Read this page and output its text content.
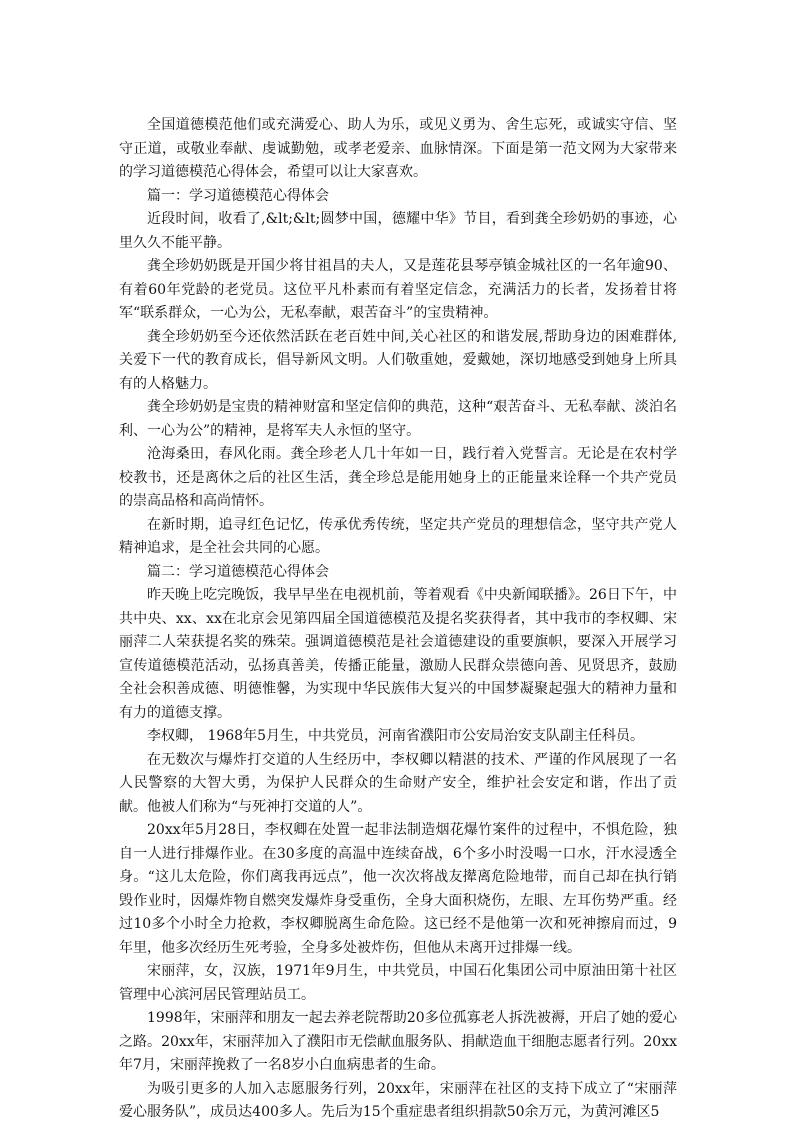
全国道德模范他们或充满爱心、助人为乐，或见义勇为、舍生忘死，或诚实守信、坚守正道，或敬业奉献、虔诚勤勉，或孝老爱亲、血脉情深。下面是第一范文网为大家带来的学习道德模范心得体会，希望可以让大家喜欢。

篇一：学习道德模范心得体会

近段时间，收看了,&lt;&lt;圆梦中国，德耀中华》节目，看到龚全珍奶奶的事迹，心里久久不能平静。

龚全珍奶奶既是开国少将甘祖昌的夫人，又是莲花县琴亭镇金城社区的一名年逾90、有着60年党龄的老党员。这位平凡朴素而有着坚定信念，充满活力的长者，发扬着甘将军“联系群众，一心为公，无私奉献，艰苦奋斗”的宝贵精神。

龚全珍奶奶至今还依然活跃在老百姓中间,关心社区的和谐发展,帮助身边的困难群体,关爱下一代的教育成长，倡导新风文明。人们敬重她，爱戴她，深切地感受到她身上所具有的人格魅力。

龚全珍奶奶是宝贵的精神财富和坚定信仰的典范，这种“艰苦奋斗、无私奉献、淡泊名利、一心为公”的精神，是将军夫人永恒的坚守。

沧海桑田，春风化雨。龚全珍老人几十年如一日，践行着入党誓言。无论是在农村学校教书，还是离休之后的社区生活，龚全珍总是能用她身上的正能量来诠释一个共产党员的崇高品格和高尚情怀。

在新时期，追寻红色记忆，传承优秀传统，坚定共产党员的理想信念，坚守共产党人精神追求，是全社会共同的心愿。

篇二：学习道德模范心得体会

昨天晚上吃完晚饭，我早早坐在电视机前，等着观看《中央新闻联播》。26日下午，中共中央、xx、xx在北京会见第四届全国道德模范及提名奖获得者，其中我市的李权卿、宋丽萍二人荣获提名奖的殊荣。强调道德模范是社会道德建设的重要旗帜，要深入开展学习宣传道德模范活动，弘扬真善美，传播正能量，激励人民群众崇德向善、见贤思齐，鼓励全社会积善成德、明德惟馨，为实现中华民族伟大复兴的中国梦凝聚起强大的精神力量和有力的道德支撑。

李权卿， 1968年5月生，中共党员，河南省濮阳市公安局治安支队副主任科员。

在无数次与爆炸打交道的人生经历中，李权卿以精湛的技术、严谨的作风展现了一名人民警察的大智大勇，为保护人民群众的生命财产安全，维护社会安定和谐，作出了贡献。他被人们称为“与死神打交道的人”。

20xx年5月28日，李权卿在处置一起非法制造烟花爆竹案件的过程中，不惧危险，独自一人进行排爆作业。在30多度的高温中连续奋战，6个多小时没喝一口水，汗水浸透全身。“这儿太危险，你们离我再远点”，他一次次将战友撵离危险地带，而自己却在执行销毁作业时，因爆炸物自燃突发爆炸身受重伤，全身大面积烧伤，左眼、左耳伤势严重。经过10多个小时全力抢救，李权卿脱离生命危险。这已经不是他第一次和死神擦肩而过，9年里，他多次经历生死考验，全身多处被炸伤，但他从未离开过排爆一线。

宋丽萍，女，汉族，1971年9月生，中共党员，中国石化集团公司中原油田第十社区管理中心滨河居民管理站员工。

1998年，宋丽萍和朋友一起去养老院帮助20多位孤寡老人拆洗被褥，开启了她的爱心之路。20xx年，宋丽萍加入了濮阳市无偿献血服务队、捐献造血干细胞志愿者行列。20xx年7月，宋丽萍挽救了一名8岁小白血病患者的生命。

为吸引更多的人加入志愿服务行列，20xx年，宋丽萍在社区的支持下成立了“宋丽萍爱心服务队”，成员达400多人。先后为15个重症患者组织捐款50余万元，为黄河滩区5
